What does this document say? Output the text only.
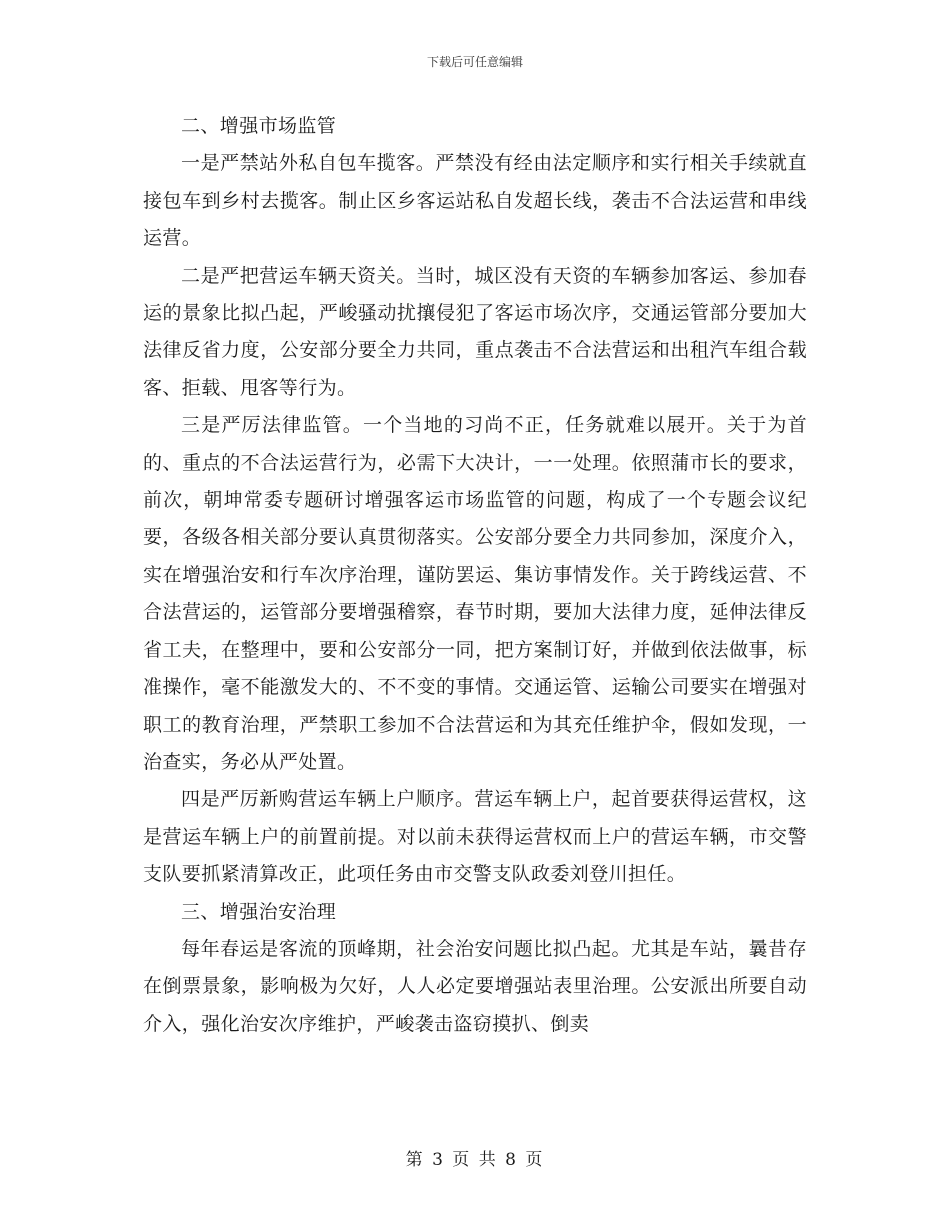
下载后可任意编辑

二、增强市场监管

一是严禁站外私自包车揽客。严禁没有经由法定顺序和实行相关手续就直接包车到乡村去揽客。制止区乡客运站私自发超长线，袭击不合法运营和串线运营。

二是严把营运车辆天资关。当时，城区没有天资的车辆参加客运、参加春运的景象比拟凸起，严峻骚动扰攘侵犯了客运市场次序，交通运管部分要加大法律反省力度，公安部分要全力共同，重点袭击不合法营运和出租汽车组合载客、拒载、甩客等行为。

三是严厉法律监管。一个当地的习尚不正，任务就难以展开。关于为首的、重点的不合法运营行为，必需下大决计，一一处理。依照蒲市长的要求，前次，朝坤常委专题研讨增强客运市场监管的问题，构成了一个专题会议纪要，各级各相关部分要认真贯彻落实。公安部分要全力共同参加，深度介入，实在增强治安和行车次序治理，谨防罢运、集访事情发作。关于跨线运营、不合法营运的，运管部分要增强稽察，春节时期，要加大法律力度，延伸法律反省工夫，在整理中，要和公安部分一同，把方案制订好，并做到依法做事，标准操作，毫不能激发大的、不不变的事情。交通运管、运输公司要实在增强对职工的教育治理，严禁职工参加不合法营运和为其充任维护伞，假如发现，一治查实，务必从严处置。

四是严厉新购营运车辆上户顺序。营运车辆上户，起首要获得运营权，这是营运车辆上户的前置前提。对以前未获得运营权而上户的营运车辆，市交警支队要抓紧清算改正，此项任务由市交警支队政委刘登川担任。

三、增强治安治理

每年春运是客流的顶峰期，社会治安问题比拟凸起。尤其是车站，曩昔存在倒票景象，影响极为欠好，人人必定要增强站表里治理。公安派出所要自动介入，强化治安次序维护，严峻袭击盗窃摸扒、倒卖

第 3 页 共 8 页
